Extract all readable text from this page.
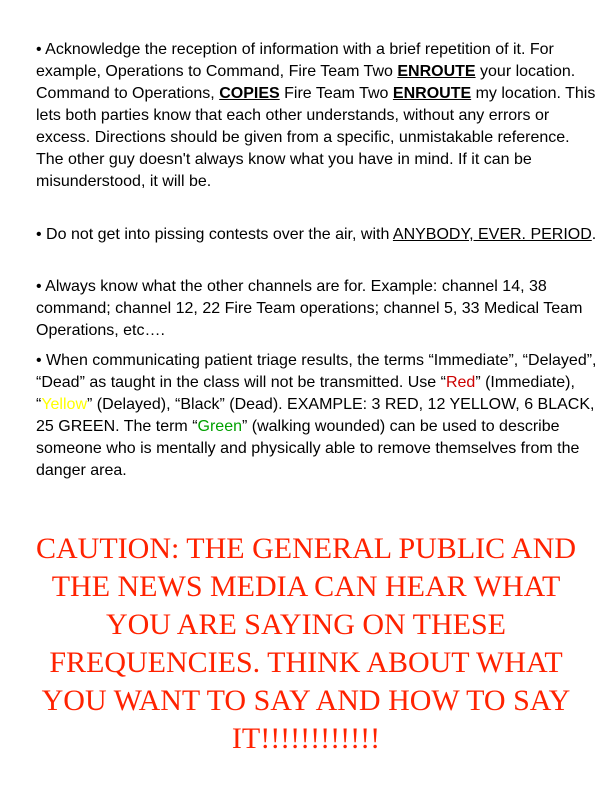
• Acknowledge the reception of information with a brief repetition of it. For example, Operations to Command, Fire Team Two ENROUTE your location. Command to Operations, COPIES Fire Team Two ENROUTE my location. This lets both parties know that each other understands, without any errors or excess. Directions should be given from a specific, unmistakable reference. The other guy doesn't always know what you have in mind. If it can be misunderstood, it will be.

• Do not get into pissing contests over the air, with ANYBODY, EVER. PERIOD.

• Always know what the other channels are for. Example: channel 14, 38 command; channel 12, 22 Fire Team operations; channel 5, 33 Medical Team Operations, etc….

• When communicating patient triage results, the terms “Immediate”, “Delayed”, “Dead” as taught in the class will not be transmitted. Use “Red” (Immediate), “Yellow” (Delayed), “Black” (Dead). EXAMPLE: 3 RED, 12 YELLOW, 6 BLACK, 25 GREEN. The term “Green” (walking wounded) can be used to describe someone who is mentally and physically able to remove themselves from the danger area.

CAUTION: THE GENERAL PUBLIC AND THE NEWS MEDIA CAN HEAR WHAT YOU ARE SAYING ON THESE FREQUENCIES. THINK ABOUT WHAT YOU WANT TO SAY AND HOW TO SAY IT!!!!!!!!!!!!
